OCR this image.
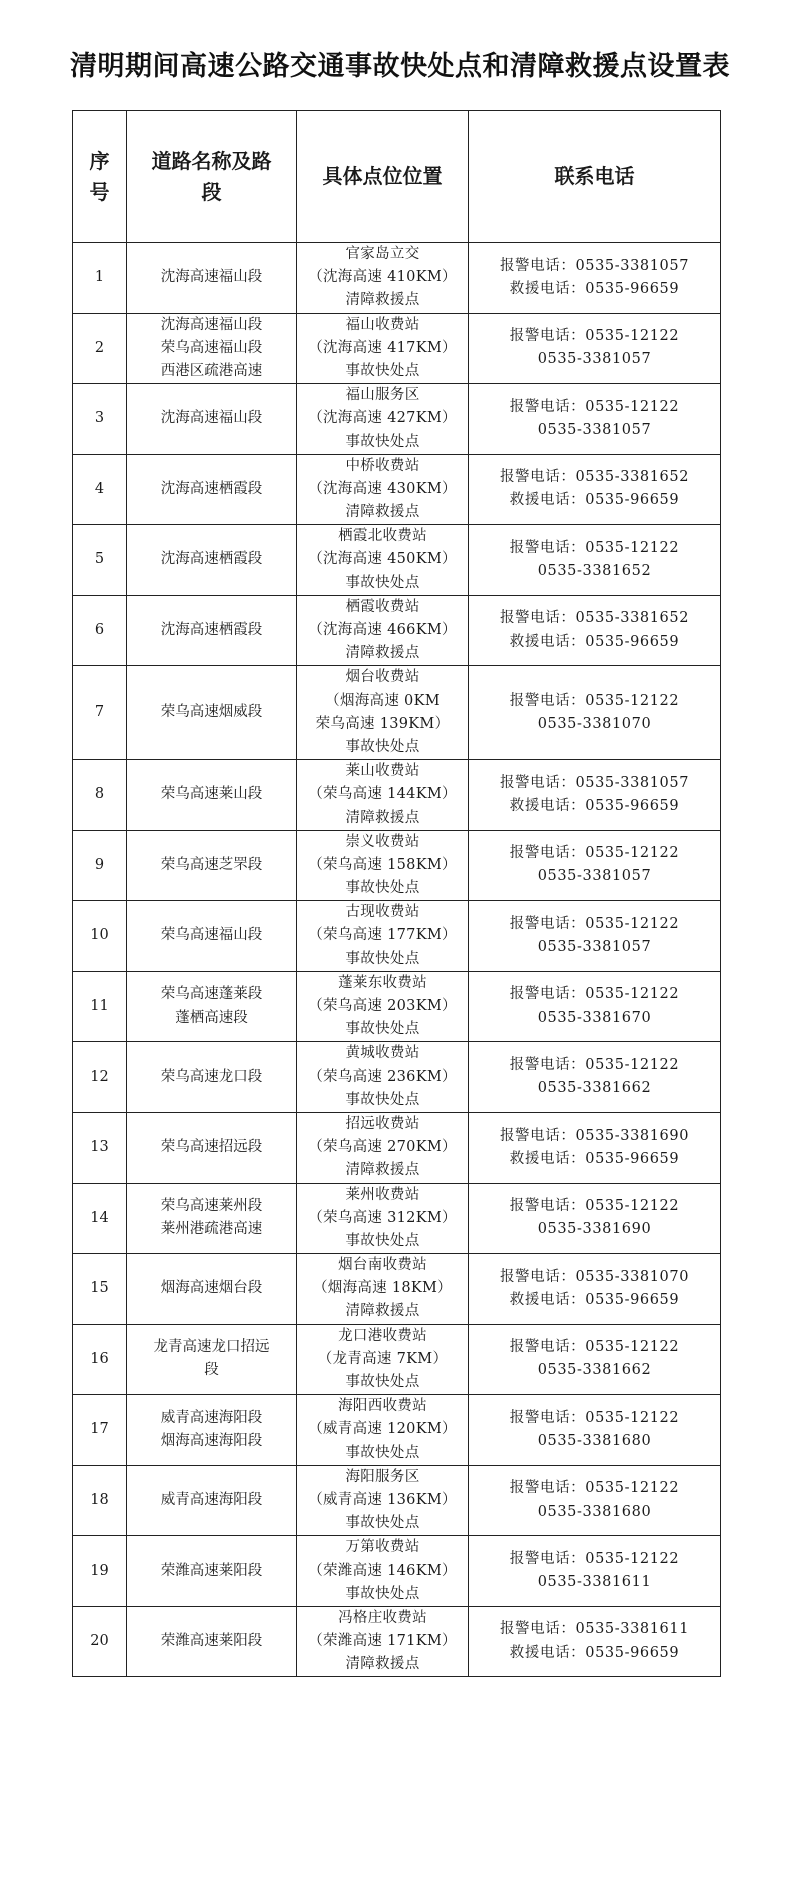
清明期间高速公路交通事故快处点和清障救援点设置表
序
号	道路名称及路
段	具体点位位置	联系电话

1	沈海高速福山段	官家岛立交
（沈海高速 410KM）
清障救援点	报警电话：0535-3381057
救援电话：0535-96659

2	沈海高速福山段
荣乌高速福山段
西港区疏港高速	福山收费站
（沈海高速 417KM）
事故快处点	报警电话：0535-12122
0535-3381057

3	沈海高速福山段	福山服务区
（沈海高速 427KM）
事故快处点	报警电话：0535-12122
0535-3381057

4	沈海高速栖霞段	中桥收费站
（沈海高速 430KM）
清障救援点	报警电话：0535-3381652
救援电话：0535-96659

5	沈海高速栖霞段	栖霞北收费站
（沈海高速 450KM）
事故快处点	报警电话：0535-12122
0535-3381652

6	沈海高速栖霞段	栖霞收费站
（沈海高速 466KM）
清障救援点	报警电话：0535-3381652
救援电话：0535-96659

7	荣乌高速烟威段	烟台收费站
（烟海高速 0KM
荣乌高速 139KM）
事故快处点	报警电话：0535-12122
0535-3381070

8	荣乌高速莱山段	莱山收费站
（荣乌高速 144KM）
清障救援点	报警电话：0535-3381057
救援电话：0535-96659

9	荣乌高速芝罘段	崇义收费站
（荣乌高速 158KM）
事故快处点	报警电话：0535-12122
0535-3381057

10	荣乌高速福山段	古现收费站
（荣乌高速 177KM）
事故快处点	报警电话：0535-12122
0535-3381057

11	荣乌高速蓬莱段
蓬栖高速段	蓬莱东收费站
（荣乌高速 203KM）
事故快处点	报警电话：0535-12122
0535-3381670

12	荣乌高速龙口段	黄城收费站
（荣乌高速 236KM）
事故快处点	报警电话：0535-12122
0535-3381662

13	荣乌高速招远段	招远收费站
（荣乌高速 270KM）
清障救援点	报警电话：0535-3381690
救援电话：0535-96659

14	荣乌高速莱州段
莱州港疏港高速	莱州收费站
（荣乌高速 312KM）
事故快处点	报警电话：0535-12122
0535-3381690

15	烟海高速烟台段	烟台南收费站
（烟海高速 18KM）
清障救援点	报警电话：0535-3381070
救援电话：0535-96659

16	龙青高速龙口招远
段	龙口港收费站
（龙青高速 7KM）
事故快处点	报警电话：0535-12122
0535-3381662

17	威青高速海阳段
烟海高速海阳段	海阳西收费站
（威青高速 120KM）
事故快处点	报警电话：0535-12122
0535-3381680

18	威青高速海阳段	海阳服务区
（威青高速 136KM）
事故快处点	报警电话：0535-12122
0535-3381680

19	荣潍高速莱阳段	万第收费站
（荣潍高速 146KM）
事故快处点	报警电话：0535-12122
0535-3381611

20	荣潍高速莱阳段	冯格庄收费站
（荣潍高速 171KM）
清障救援点	报警电话：0535-3381611
救援电话：0535-96659
